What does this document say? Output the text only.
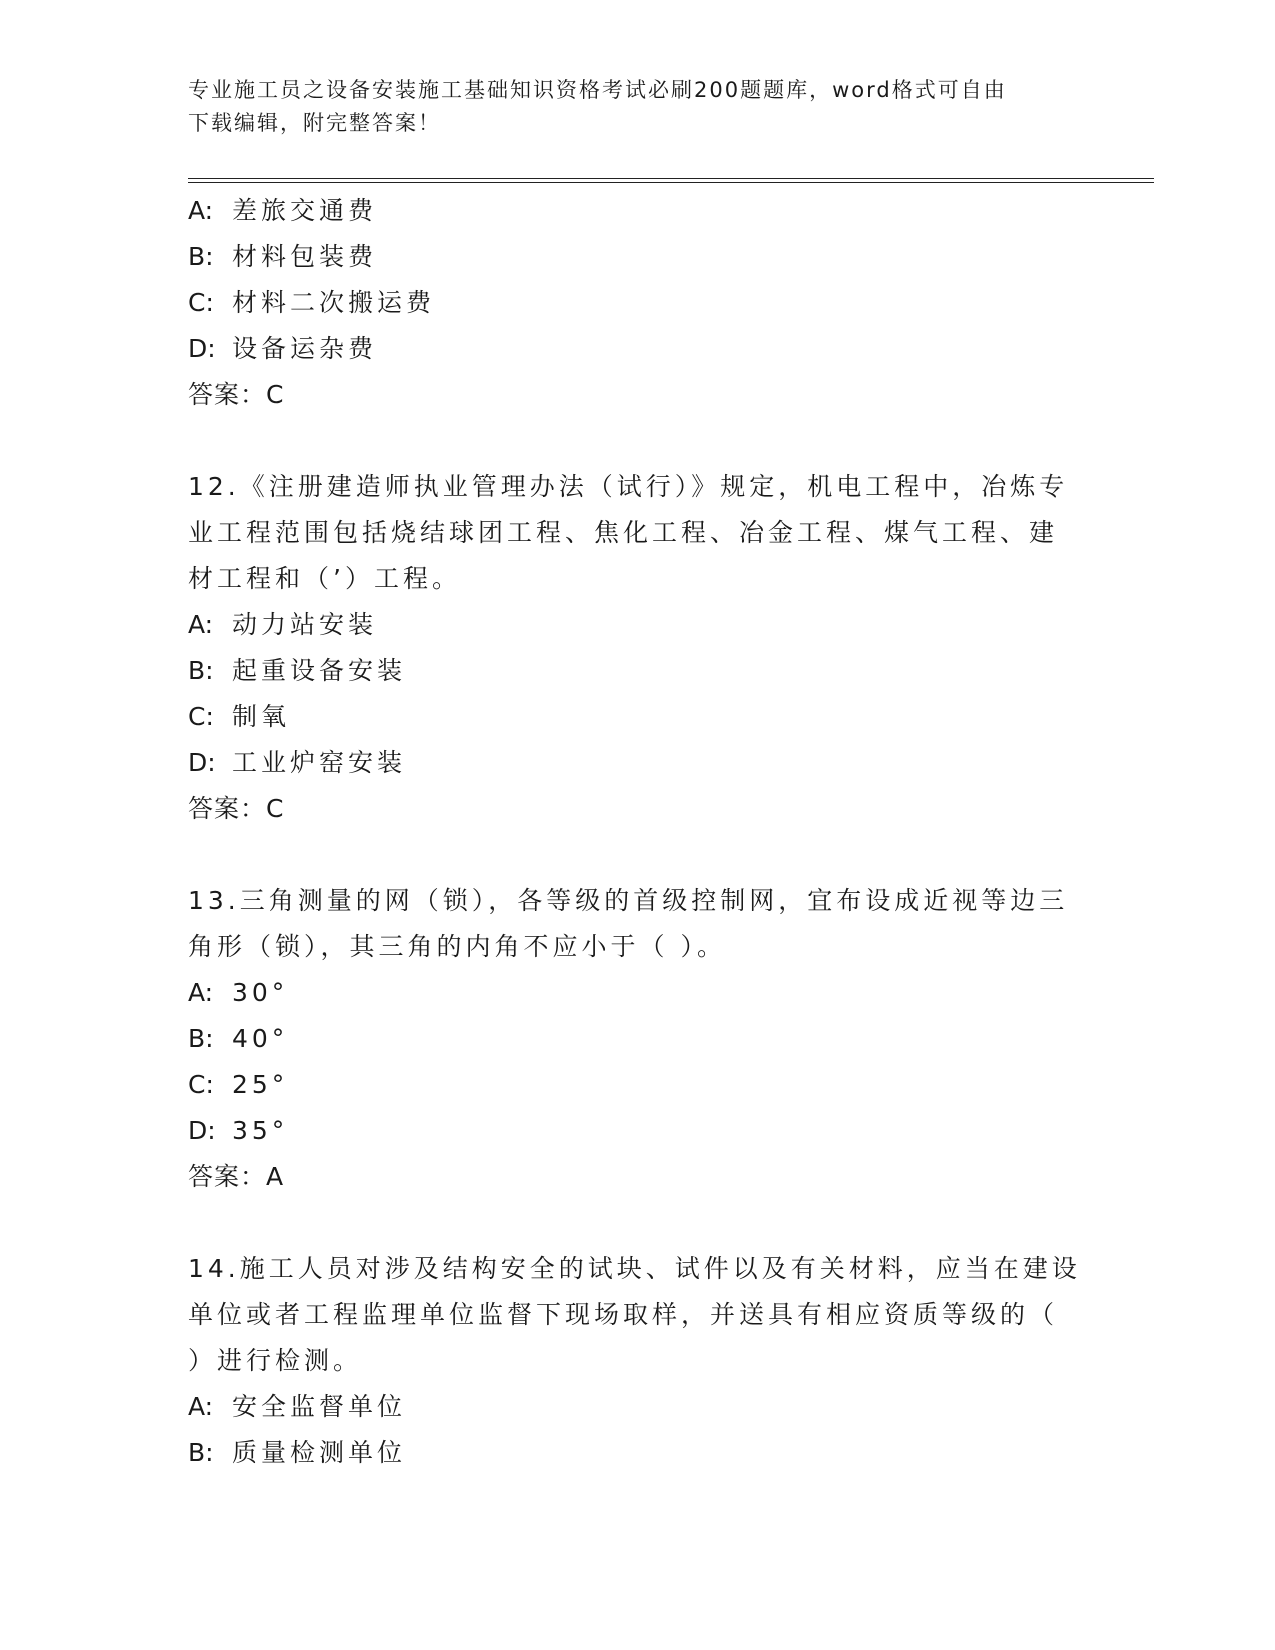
专业施工员之设备安装施工基础知识资格考试必刷200题题库，word格式可自由
下载编辑，附完整答案！
A: 差旅交通费
B: 材料包装费
C: 材料二次搬运费
D: 设备运杂费
答案：C
12.《注册建造师执业管理办法（试行）》规定，机电工程中，冶炼专
业工程范围包括烧结球团工程、焦化工程、冶金工程、煤气工程、建
材工程和（’）工程。
A: 动力站安装
B: 起重设备安装
C: 制氧
D: 工业炉窑安装
答案：C
13.三角测量的网（锁），各等级的首级控制网，宜布设成近视等边三
角形（锁），其三角的内角不应小于（ ）。
A: 30°
B: 40°
C: 25°
D: 35°
答案：A
14.施工人员对涉及结构安全的试块、试件以及有关材料，应当在建设
单位或者工程监理单位监督下现场取样，并送具有相应资质等级的（
）进行检测。
A: 安全监督单位
B: 质量检测单位
